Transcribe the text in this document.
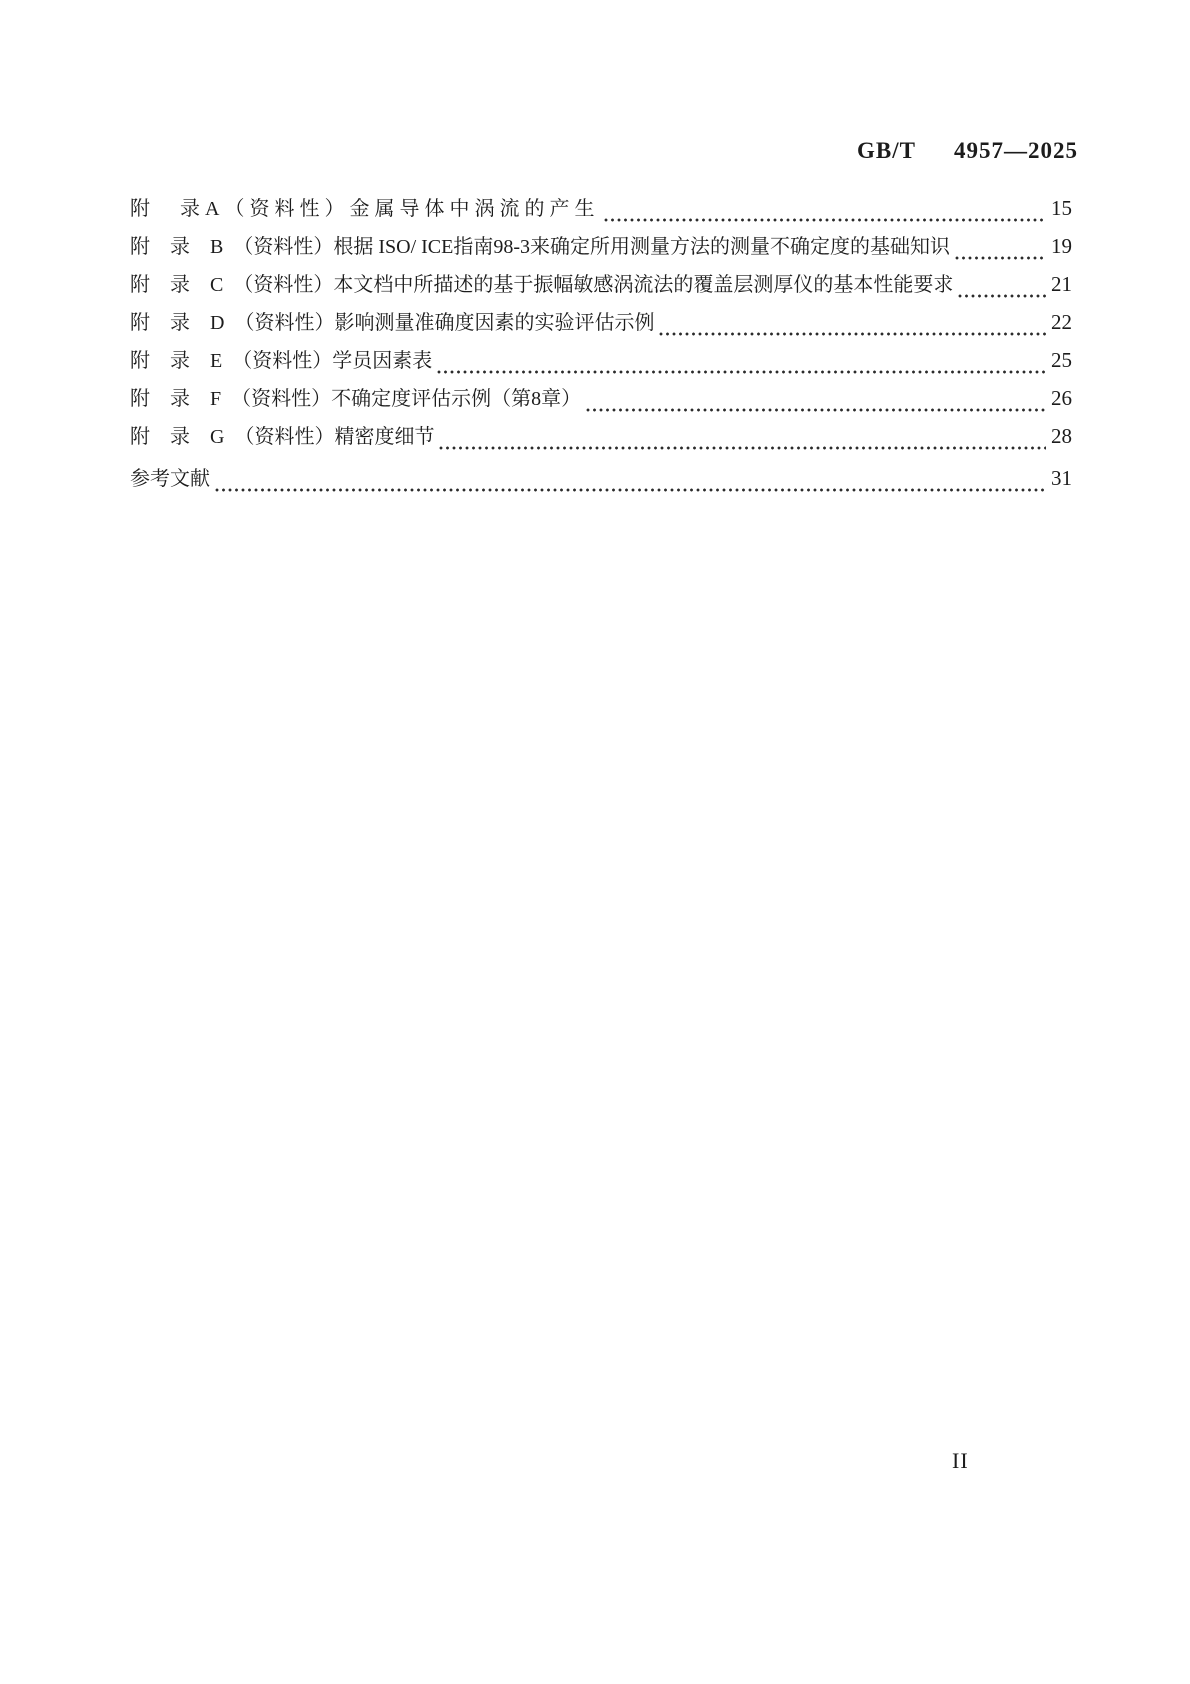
GB/T 4957—2025
附　录A（资料性）金属导体中涡流的产生	15
附　录　B　（资料性）根据 ISO/ ICE指南98-3来确定所用测量方法的测量不确定度的基础知识	19
附　录　C　（资料性）本文档中所描述的基于振幅敏感涡流法的覆盖层测厚仪的基本性能要求	21
附　录　D　（资料性）影响测量准确度因素的实验评估示例	22
附　录　E　（资料性）学员因素表	25
附　录　F　（资料性）不确定度评估示例（第8章）	26
附　录　G　（资料性）精密度细节	28
参考文献	31
II
